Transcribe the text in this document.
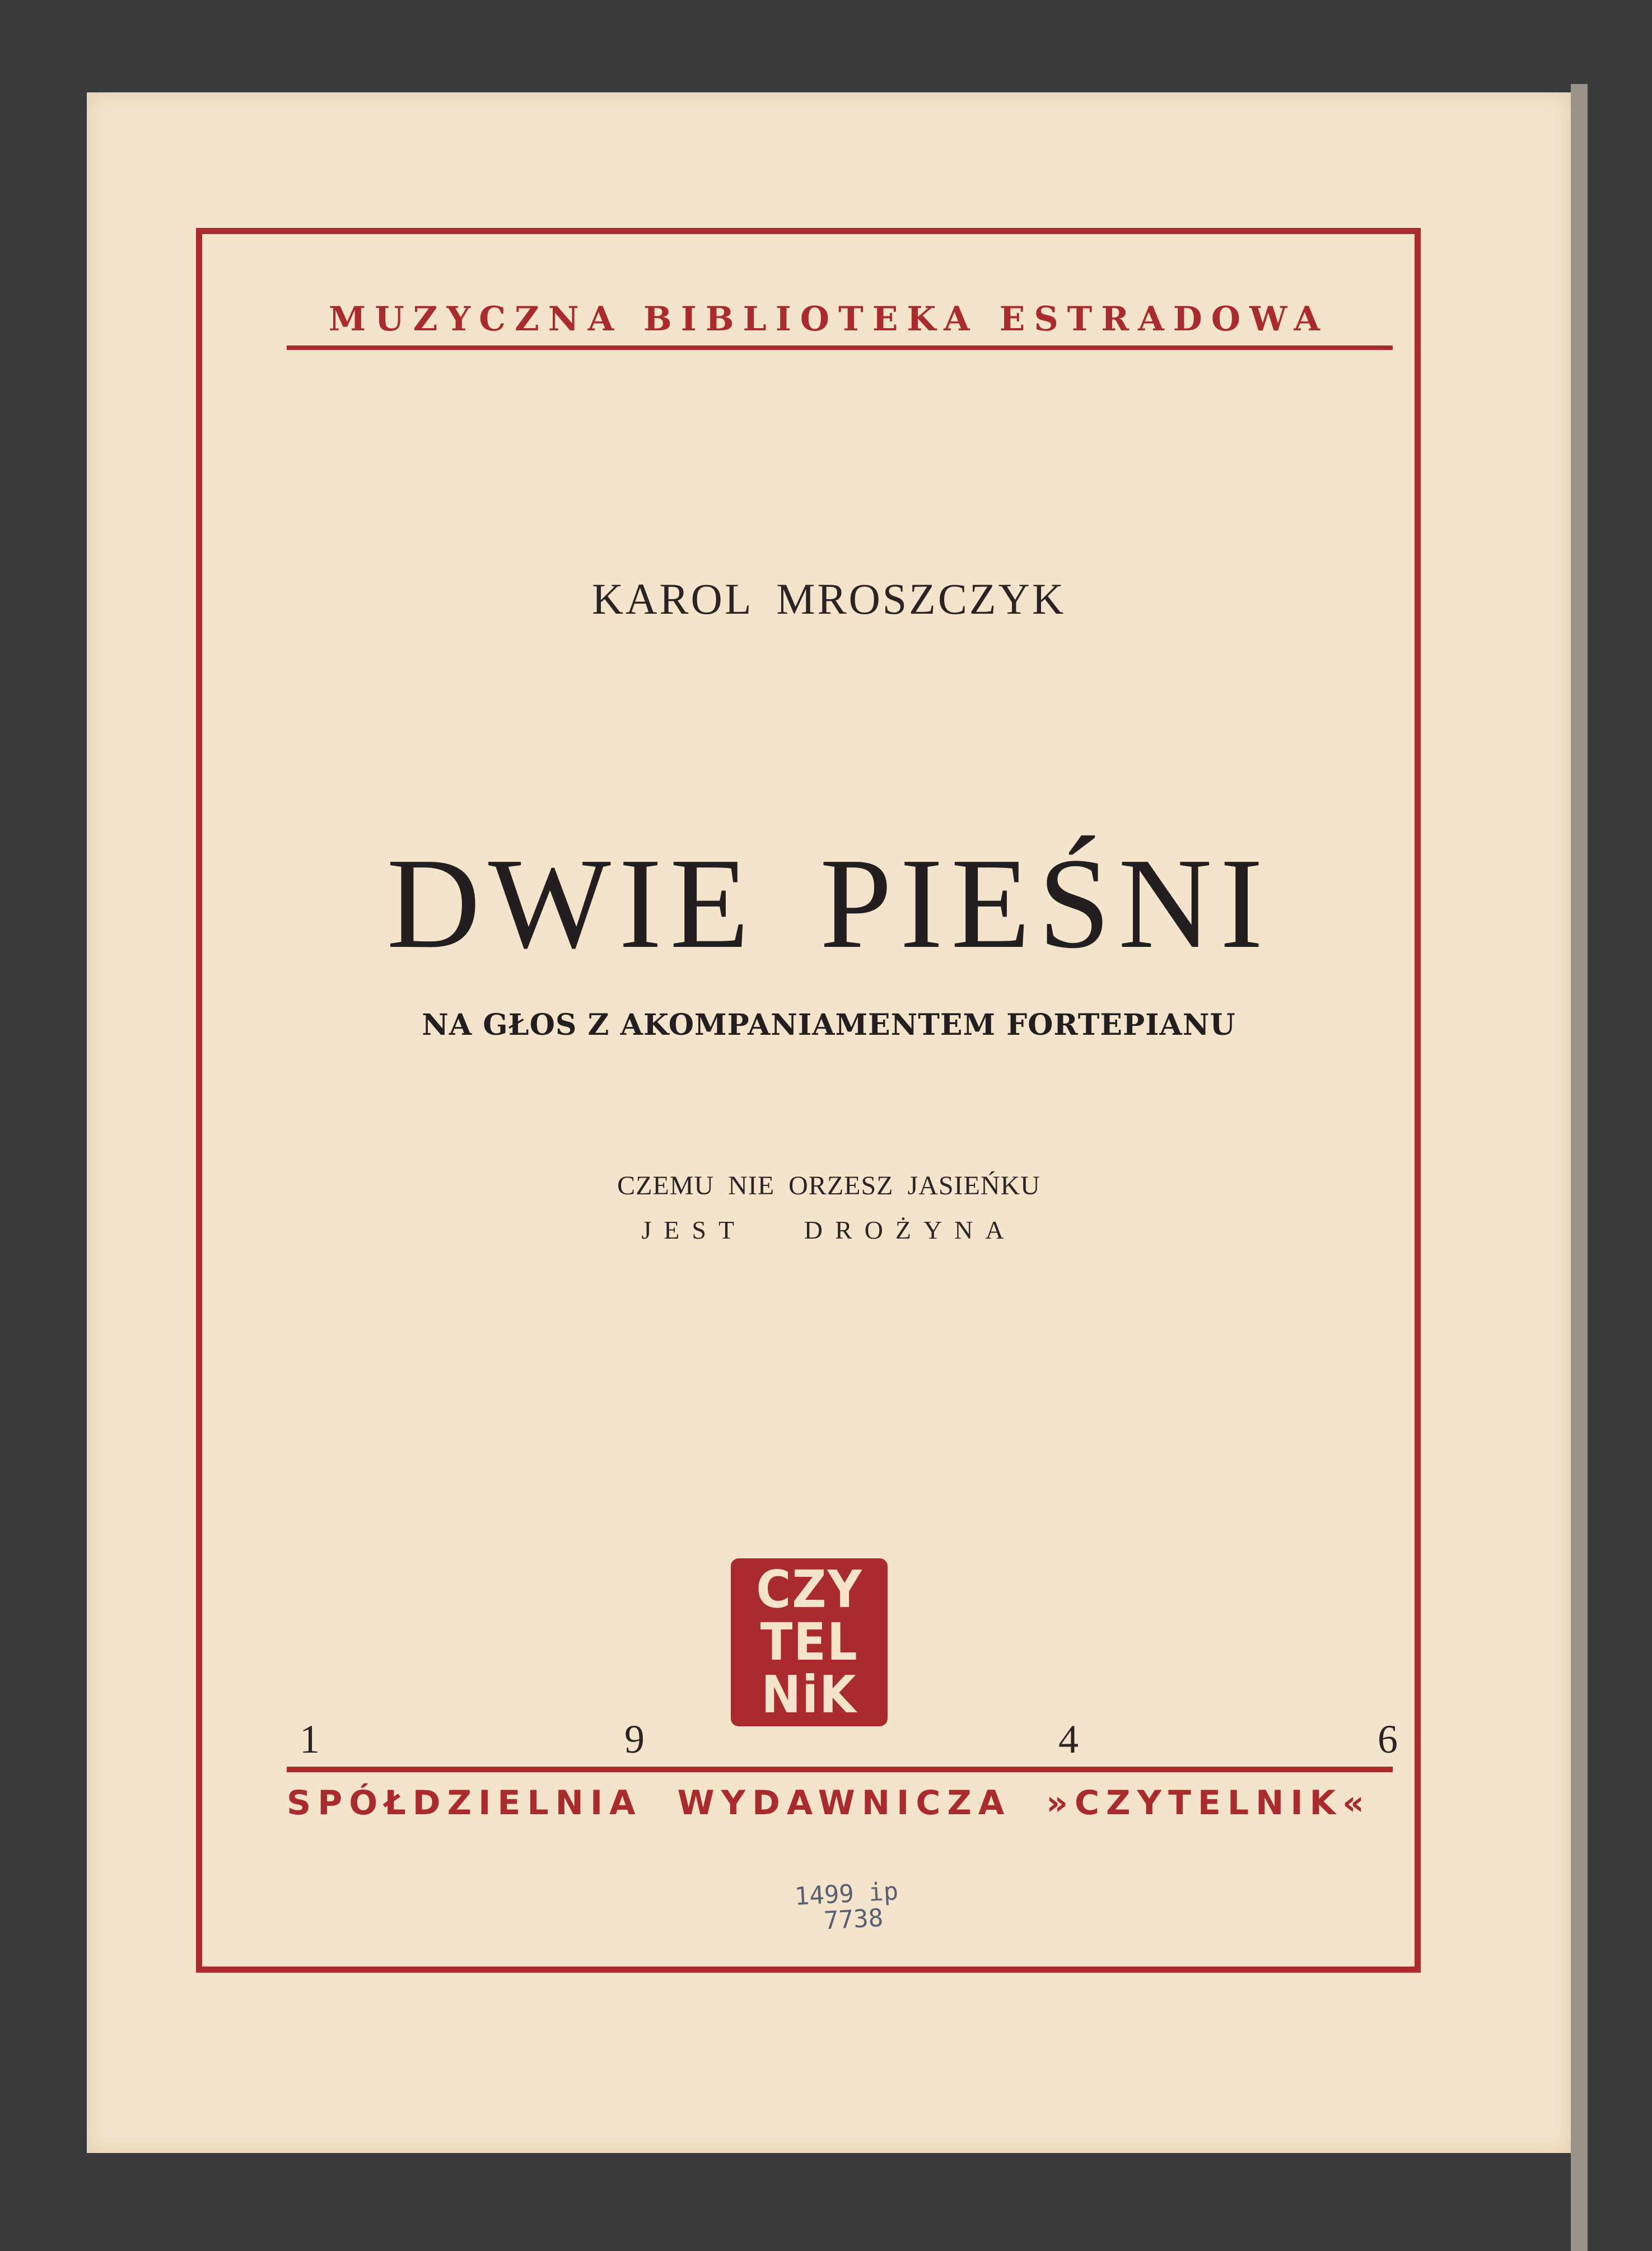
MUZYCZNA BIBLIOTEKA ESTRADOWA
KAROL MROSZCZYK
DWIE PIEŚNI
NA GŁOS Z AKOMPANIAMENTEM FORTEPIANU
CZEMU NIE ORZESZ JASIEŃKU
JEST DROŻYNA
CZY
TEL
NiK
1	9	4	6
SPÓŁDZIELNIA WYDAWNICZA »CZYTELNIK«
1499 ip
7738
